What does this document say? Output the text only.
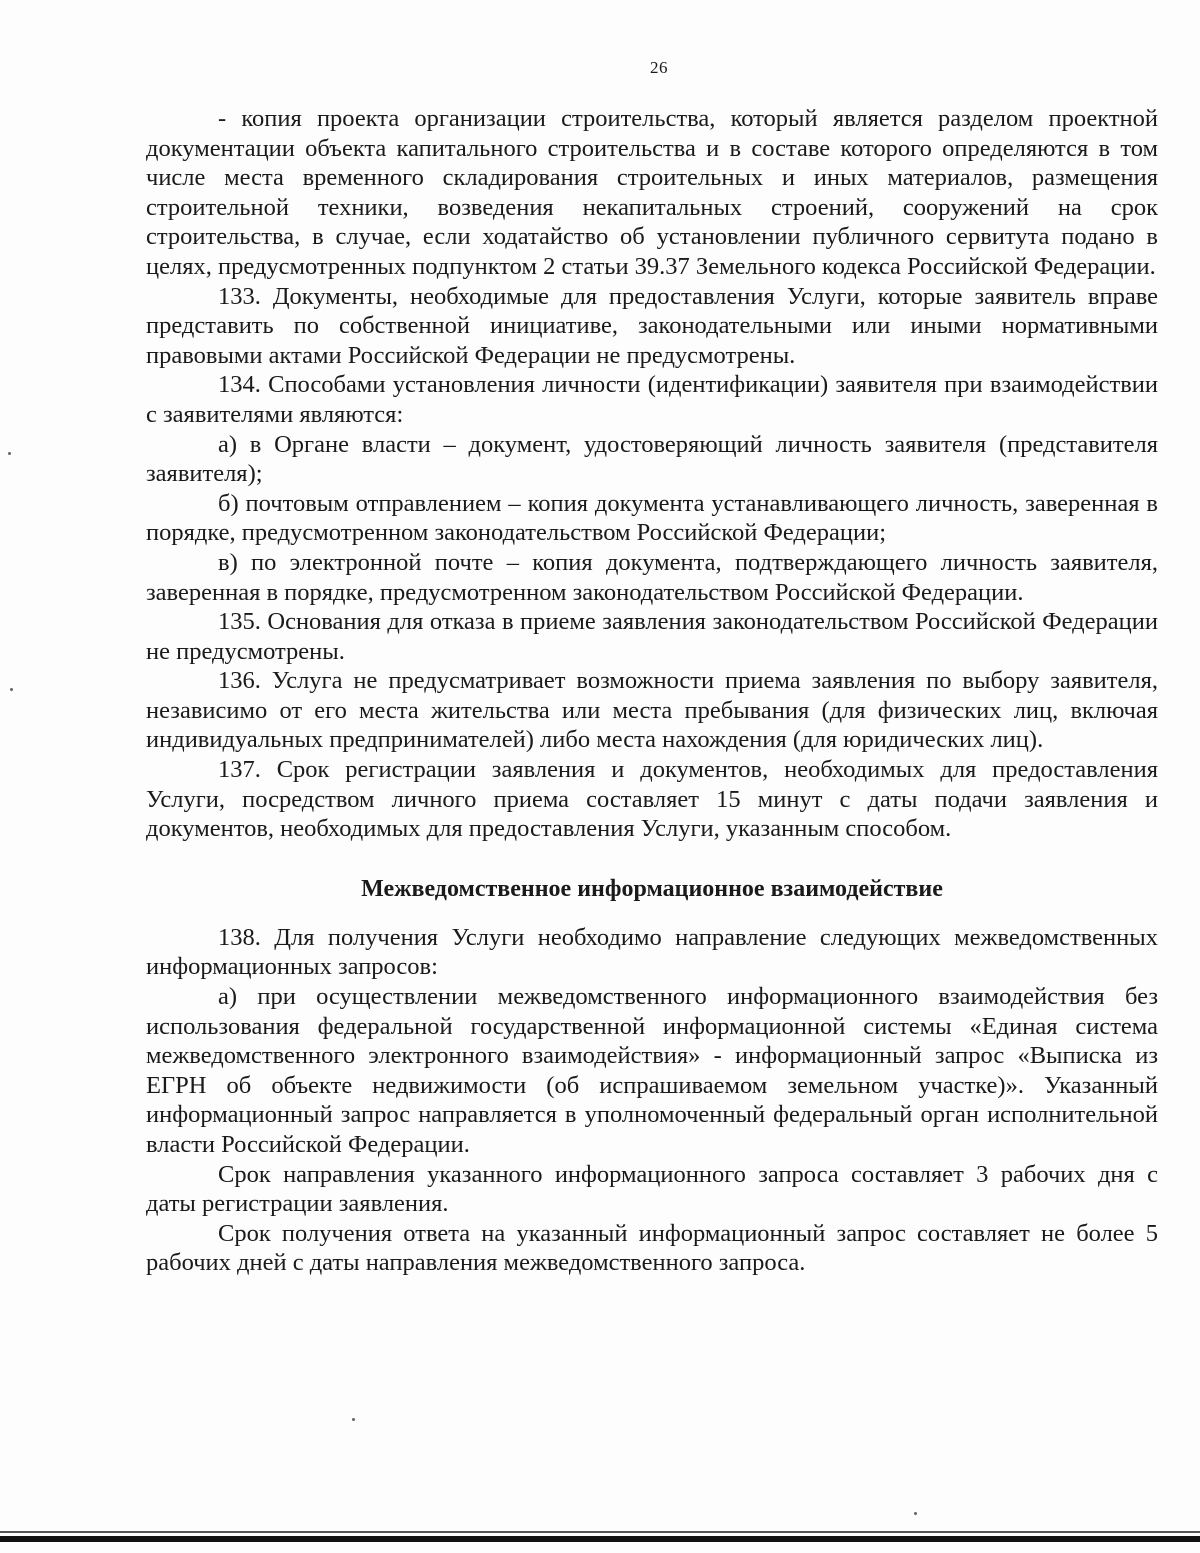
26

- копия проекта организации строительства, который является разделом проектной документации объекта капитального строительства и в составе которого определяются в том числе места временного складирования строительных и иных материалов, размещения строительной техники, возведения некапитальных строений, сооружений на срок строительства, в случае, если ходатайство об установлении публичного сервитута подано в целях, предусмотренных подпунктом 2 статьи 39.37 Земельного кодекса Российской Федерации.

133. Документы, необходимые для предоставления Услуги, которые заявитель вправе представить по собственной инициативе, законодательными или иными нормативными правовыми актами Российской Федерации не предусмотрены.

134. Способами установления личности (идентификации) заявителя при взаимодействии с заявителями являются:

а) в Органе власти – документ, удостоверяющий личность заявителя (представителя заявителя);

б) почтовым отправлением – копия документа устанавливающего личность, заверенная в порядке, предусмотренном законодательством Российской Федерации;

в) по электронной почте – копия документа, подтверждающего личность заявителя, заверенная в порядке, предусмотренном законодательством Российской Федерации.

135. Основания для отказа в приеме заявления законодательством Российской Федерации не предусмотрены.

136. Услуга не предусматривает возможности приема заявления по выбору заявителя, независимо от его места жительства или места пребывания (для физических лиц, включая индивидуальных предпринимателей) либо места нахождения (для юридических лиц).

137. Срок регистрации заявления и документов, необходимых для предоставления Услуги, посредством личного приема составляет 15 минут с даты подачи заявления и документов, необходимых для предоставления Услуги, указанным способом.

Межведомственное информационное взаимодействие

138. Для получения Услуги необходимо направление следующих межведомственных информационных запросов:

а) при осуществлении межведомственного информационного взаимодействия без использования федеральной государственной информационной системы «Единая система межведомственного электронного взаимодействия» - информационный запрос «Выписка из ЕГРН об объекте недвижимости (об испрашиваемом земельном участке)». Указанный информационный запрос направляется в уполномоченный федеральный орган исполнительной власти Российской Федерации.

Срок направления указанного информационного запроса составляет 3 рабочих дня с даты регистрации заявления.

Срок получения ответа на указанный информационный запрос составляет не более 5 рабочих дней с даты направления межведомственного запроса.
